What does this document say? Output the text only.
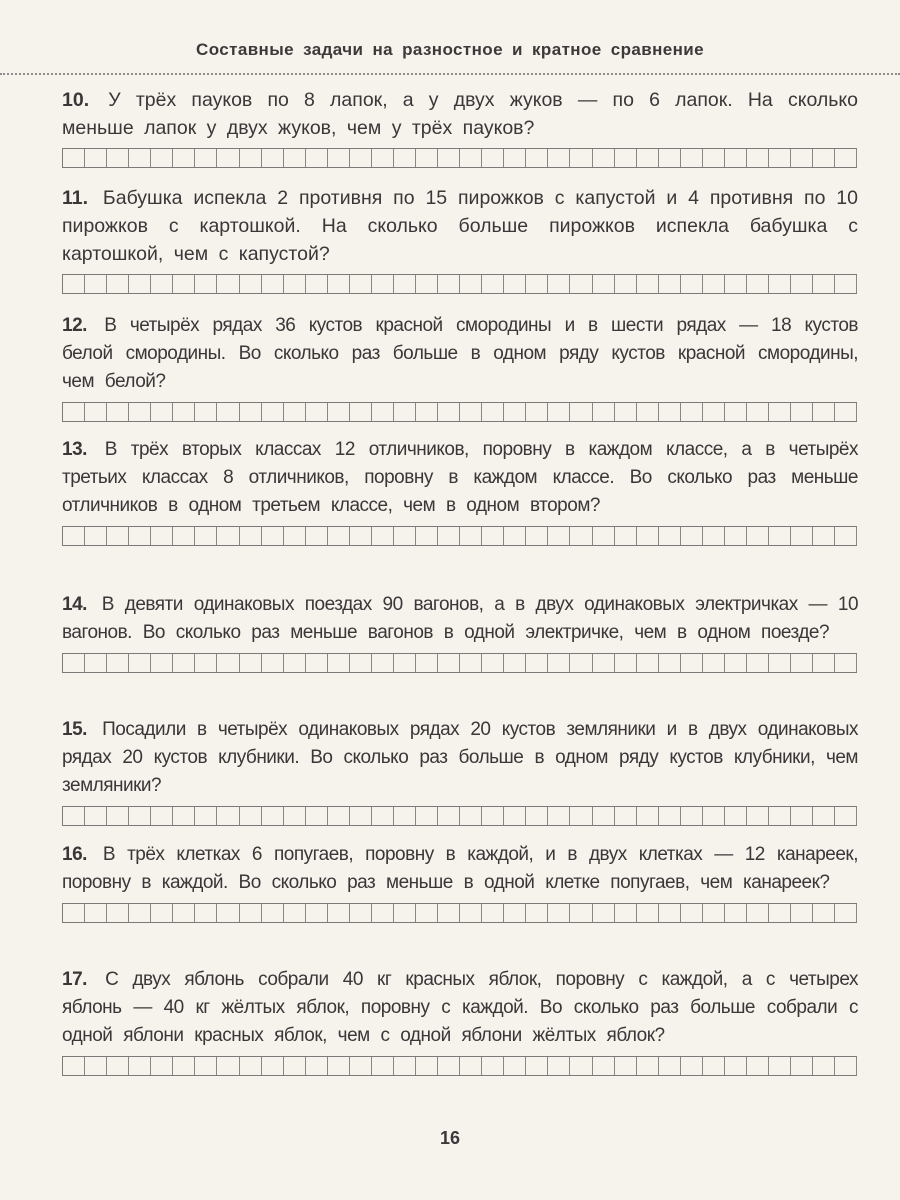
Составные задачи на разностное и кратное сравнение

10. У трёх пауков по 8 лапок, а у двух жуков — по 6 лапок. На сколько меньше лапок у двух жуков, чем у трёх пауков?

11. Бабушка испекла 2 противня по 15 пирожков с капустой и 4 противня по 10 пирожков с картошкой. На сколько больше пирожков испекла бабушка с картошкой, чем с капустой?

12. В четырёх рядах 36 кустов красной смородины и в шести рядах — 18 кустов белой смородины. Во сколько раз больше в одном ряду кустов красной смородины, чем белой?

13. В трёх вторых классах 12 отличников, поровну в каждом классе, а в четырёх третьих классах 8 отличников, поровну в каждом классе. Во сколько раз меньше отличников в одном третьем классе, чем в одном втором?

14. В девяти одинаковых поездах 90 вагонов, а в двух одинаковых электричках — 10 вагонов. Во сколько раз меньше вагонов в одной электричке, чем в одном поезде?

15. Посадили в четырёх одинаковых рядах 20 кустов земляники и в двух одинаковых рядах 20 кустов клубники. Во сколько раз больше в одном ряду кустов клубники, чем земляники?

16. В трёх клетках 6 попугаев, поровну в каждой, и в двух клетках — 12 канареек, поровну в каждой. Во сколько раз меньше в одной клетке попугаев, чем канареек?

17. С двух яблонь собрали 40 кг красных яблок, поровну с каждой, а с четырех яблонь — 40 кг жёлтых яблок, поровну с каждой. Во сколько раз больше собрали с одной яблони красных яблок, чем с одной яблони жёлтых яблок?

16
